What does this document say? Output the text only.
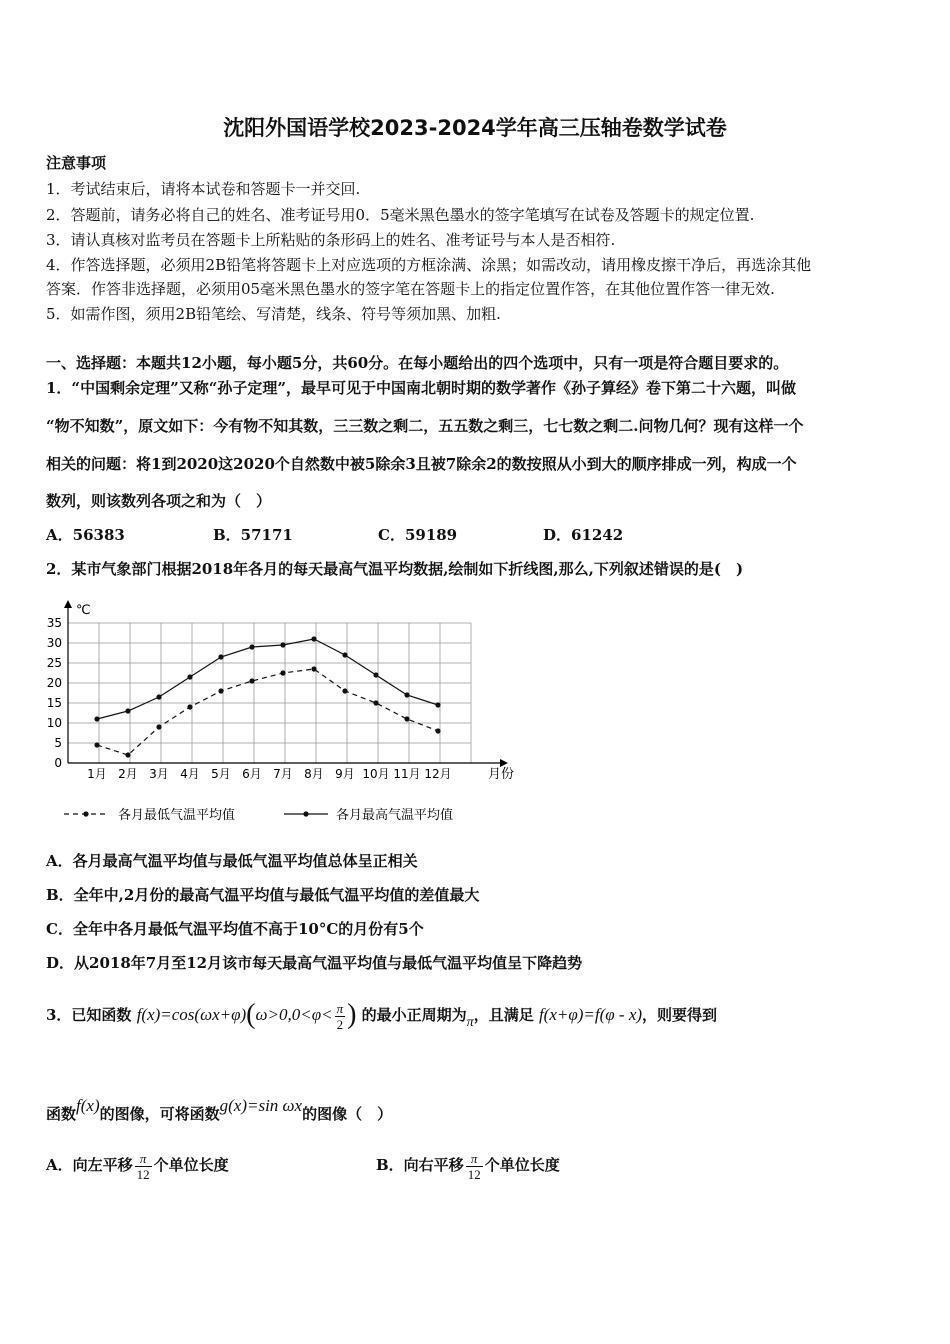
沈阳外国语学校2023-2024学年高三压轴卷数学试卷
注意事项
1．考试结束后，请将本试卷和答题卡一并交回.
2．答题前，请务必将自己的姓名、准考证号用0．5毫米黑色墨水的签字笔填写在试卷及答题卡的规定位置.
3．请认真核对监考员在答题卡上所粘贴的条形码上的姓名、准考证号与本人是否相符.
4．作答选择题，必须用2B铅笔将答题卡上对应选项的方框涂满、涂黑；如需改动，请用橡皮擦干净后，再选涂其他
答案．作答非选择题，必须用05毫米黑色墨水的签字笔在答题卡上的指定位置作答，在其他位置作答一律无效.
5．如需作图，须用2B铅笔绘、写清楚，线条、符号等须加黑、加粗.
一、选择题：本题共12小题，每小题5分，共60分。在每小题给出的四个选项中，只有一项是符合题目要求的。
1．“中国剩余定理”又称“孙子定理”，最早可见于中国南北朝时期的数学著作《孙子算经》卷下第二十六题，叫做
“物不知数”，原文如下：今有物不知其数，三三数之剩二，五五数之剩三，七七数之剩二.问物几何？现有这样一个
相关的问题：将1到2020这2020个自然数中被5除余3且被7除余2的数按照从小到大的顺序排成一列，构成一个
数列，则该数列各项之和为（　）
A．56383	B．57171	C．59189	D．61242
2．某市气象部门根据2018年各月的每天最高气温平均数据,绘制如下折线图,那么,下列叙述错误的是(　)
℃
月份
0
5
10
15
20
25
30
35
1月 2月 3月 4月 5月 6月 7月 8月 9月 10月 11月 12月
各月最低气温平均值	各月最高气温平均值
A．各月最高气温平均值与最低气温平均值总体呈正相关
B．全年中,2月份的最高气温平均值与最低气温平均值的差值最大
C．全年中各月最低气温平均值不高于10°C的月份有5个
D．从2018年7月至12月该市每天最高气温平均值与最低气温平均值呈下降趋势
3．已知函数 $f(x)=\cos(\omega x+\varphi)(\omega>0,0<\varphi< \frac{\pi}{2}$ ) 的最小正周期为π，且满足 f(x+φ)=f(φ - x)，则要得到
函数f(x)的图像，可将函数g(x)=sin ωx的图像（　）
A．向左平移 $\frac{\pi}{12}$ 个单位长度	B．向右平移 $\frac{\pi}{12}$ 个单位长度
